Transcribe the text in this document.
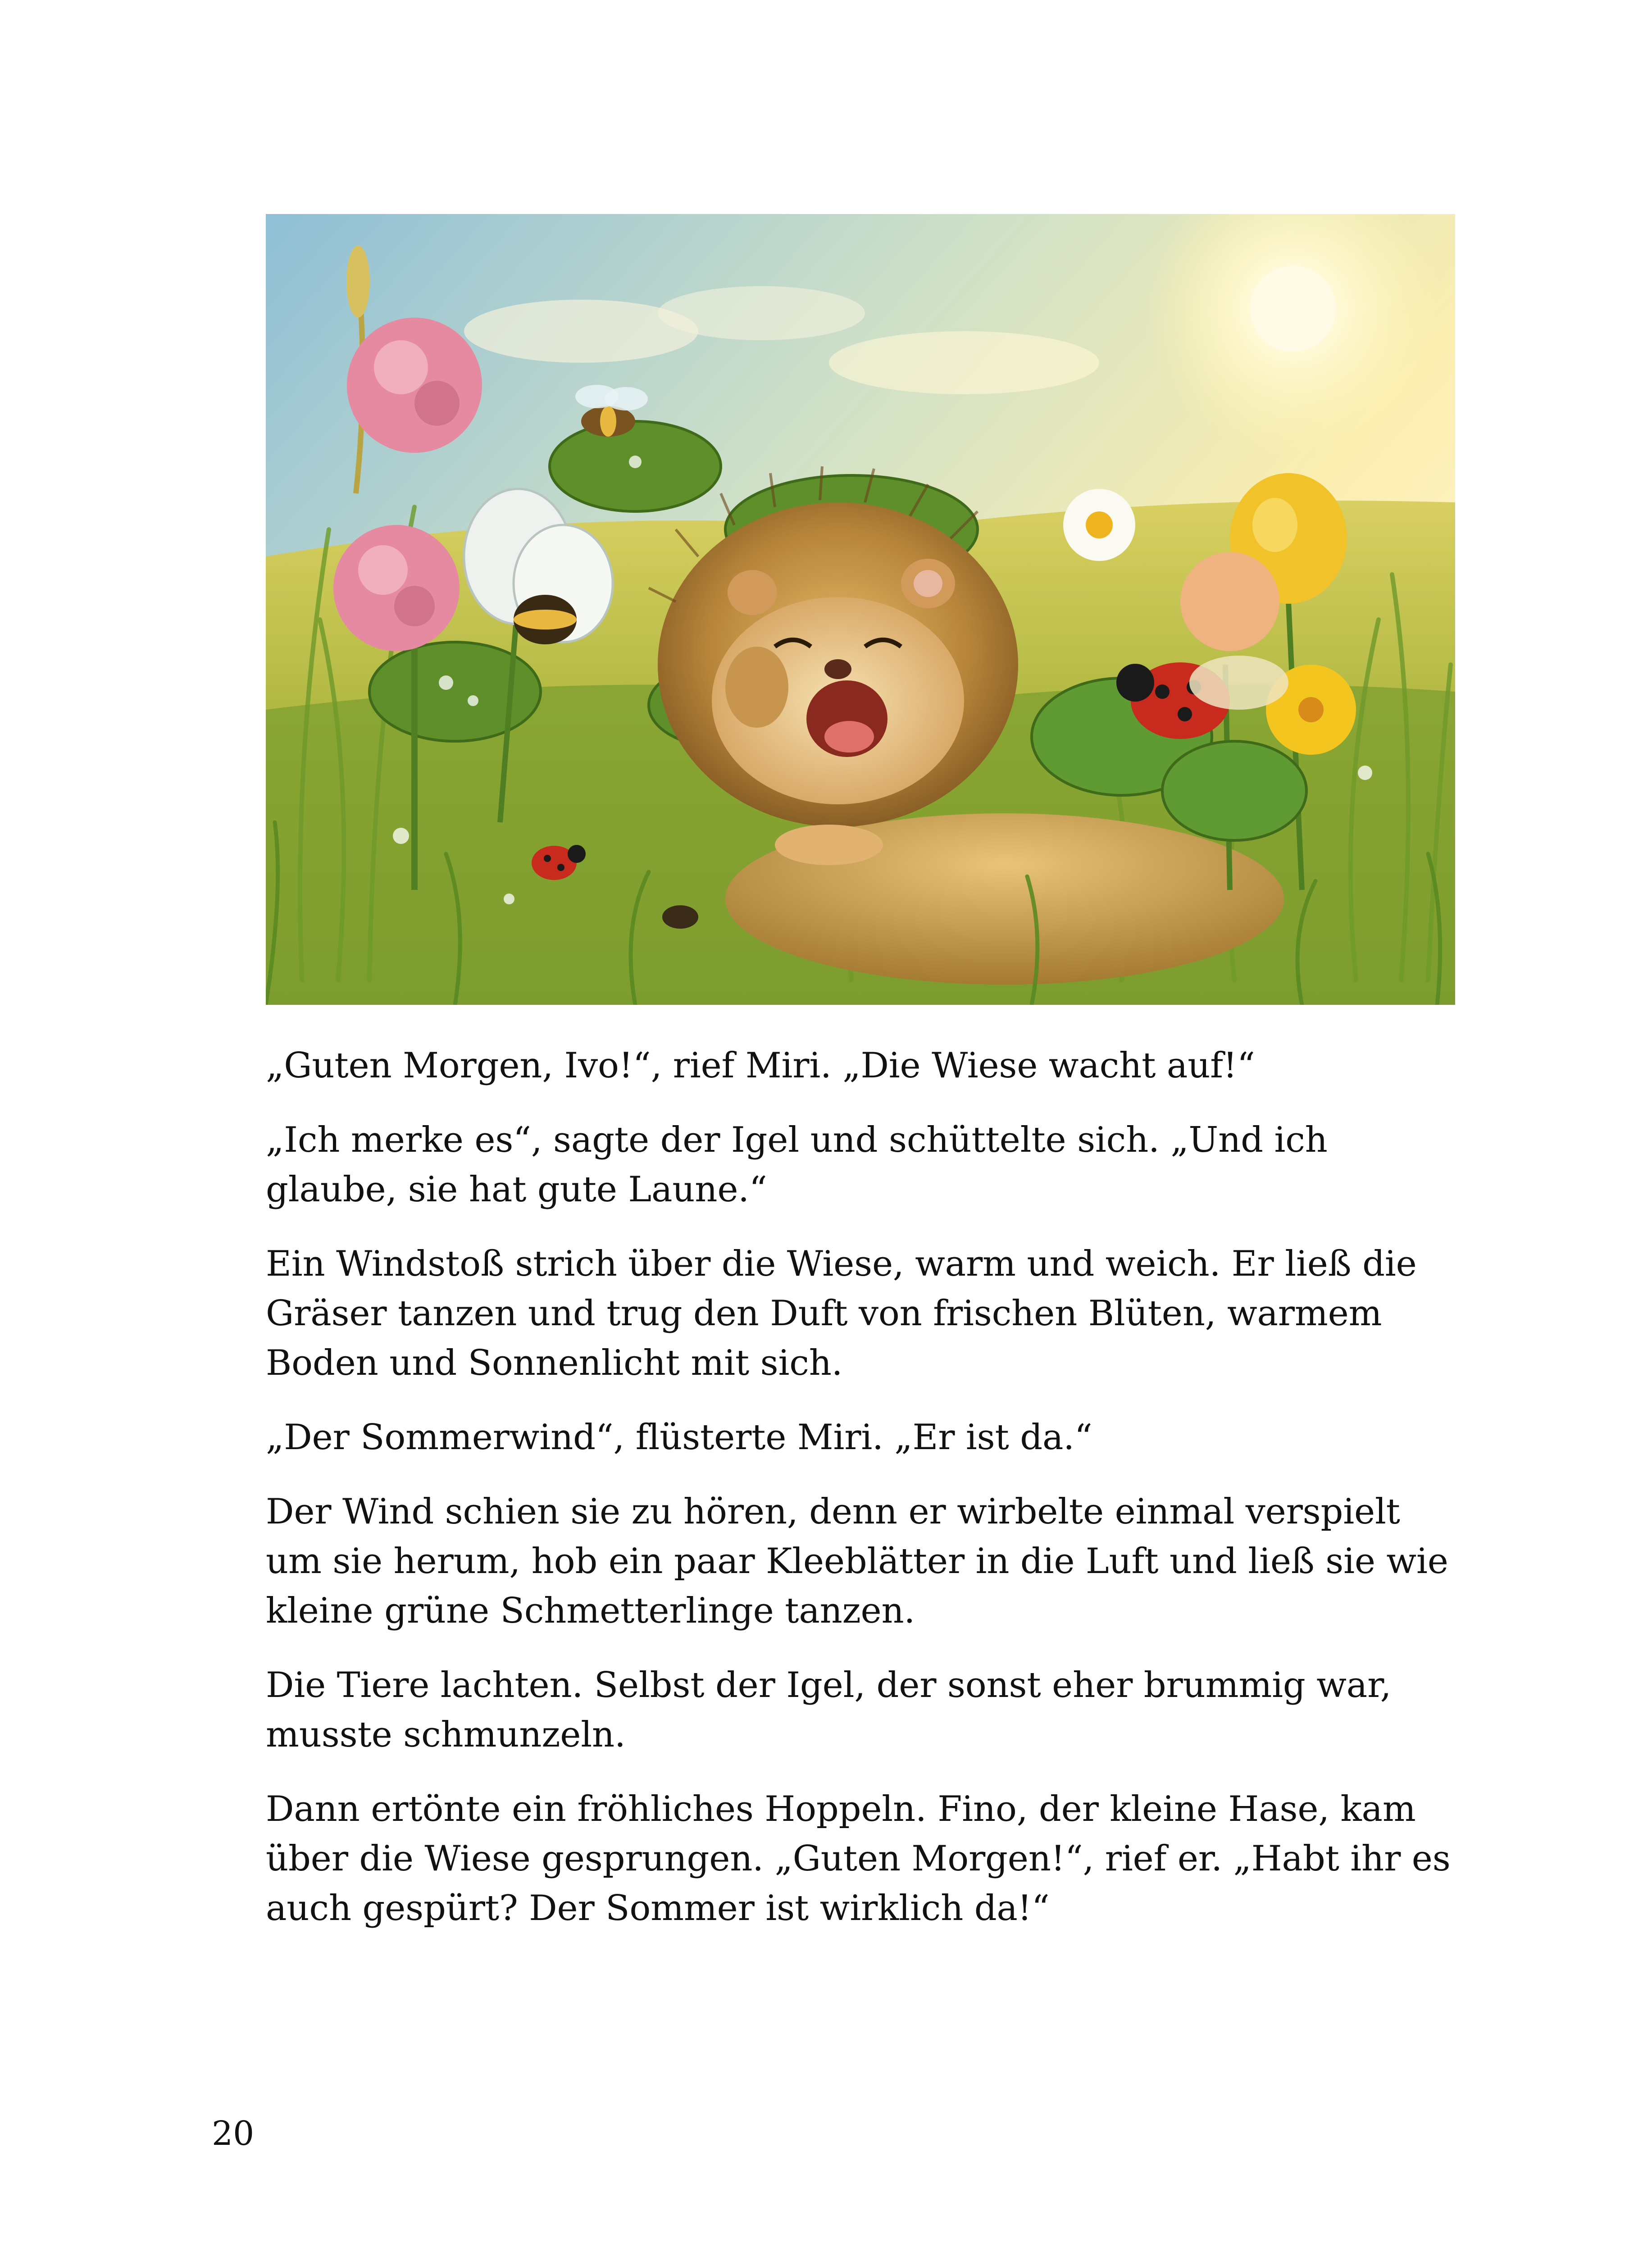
„Guten Morgen, Ivo!“, rief Miri. „Die Wiese wacht auf!“

„Ich merke es“, sagte der Igel und schüttelte sich. „Und ich glaube, sie hat gute Laune.“

Ein Windstoß strich über die Wiese, warm und weich. Er ließ die Gräser tanzen und trug den Duft von frischen Blüten, warmem Boden und Sonnenlicht mit sich.

„Der Sommerwind“, flüsterte Miri. „Er ist da.“

Der Wind schien sie zu hören, denn er wirbelte einmal verspielt um sie herum, hob ein paar Kleeblätter in die Luft und ließ sie wie kleine grüne Schmetterlinge tanzen.

Die Tiere lachten. Selbst der Igel, der sonst eher brummig war, musste schmunzeln.

Dann ertönte ein fröhliches Hoppeln. Fino, der kleine Hase, kam über die Wiese gesprungen. „Guten Morgen!“, rief er. „Habt ihr es auch gespürt? Der Sommer ist wirklich da!“

20
